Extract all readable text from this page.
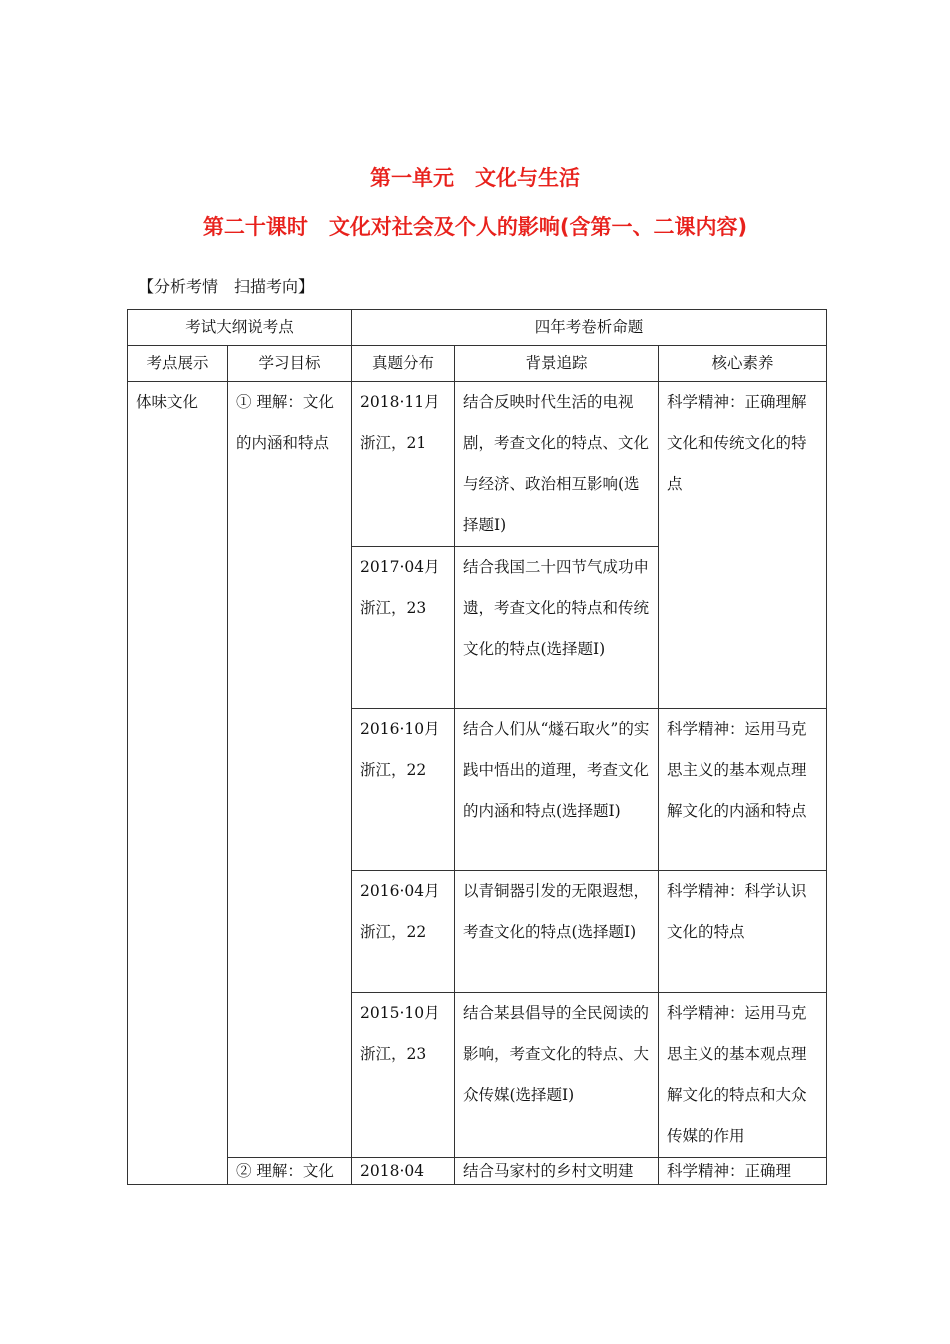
第一单元　文化与生活
第二十课时　文化对社会及个人的影响(含第一、二课内容)
【分析考情　扫描考向】
考试大纲说考点		四年考卷析命题		
考点展示	学习目标	真题分布	背景追踪	核心素养
体味文化	① 理解：文化的内涵和特点	2018·11月浙江，21	结合反映时代生活的电视剧，考查文化的特点、文化与经济、政治相互影响(选择题Ⅰ)	科学精神：正确理解文化和传统文化的特点
		2017·04月浙江，23	结合我国二十四节气成功申遗，考查文化的特点和传统文化的特点(选择题Ⅰ)	
		2016·10月浙江，22	结合人们从“燧石取火”的实践中悟出的道理，考查文化的内涵和特点(选择题Ⅰ)	科学精神：运用马克思主义的基本观点理解文化的内涵和特点
		2016·04月浙江，22	以青铜器引发的无限遐想，考查文化的特点(选择题Ⅰ)	科学精神：科学认识文化的特点
		2015·10月浙江，23	结合某县倡导的全民阅读的影响，考查文化的特点、大众传媒(选择题Ⅰ)	科学精神：运用马克思主义的基本观点理解文化的特点和大众传媒的作用
	② 理解：文化	2018·04	结合马家村的乡村文明建	科学精神：正确理
